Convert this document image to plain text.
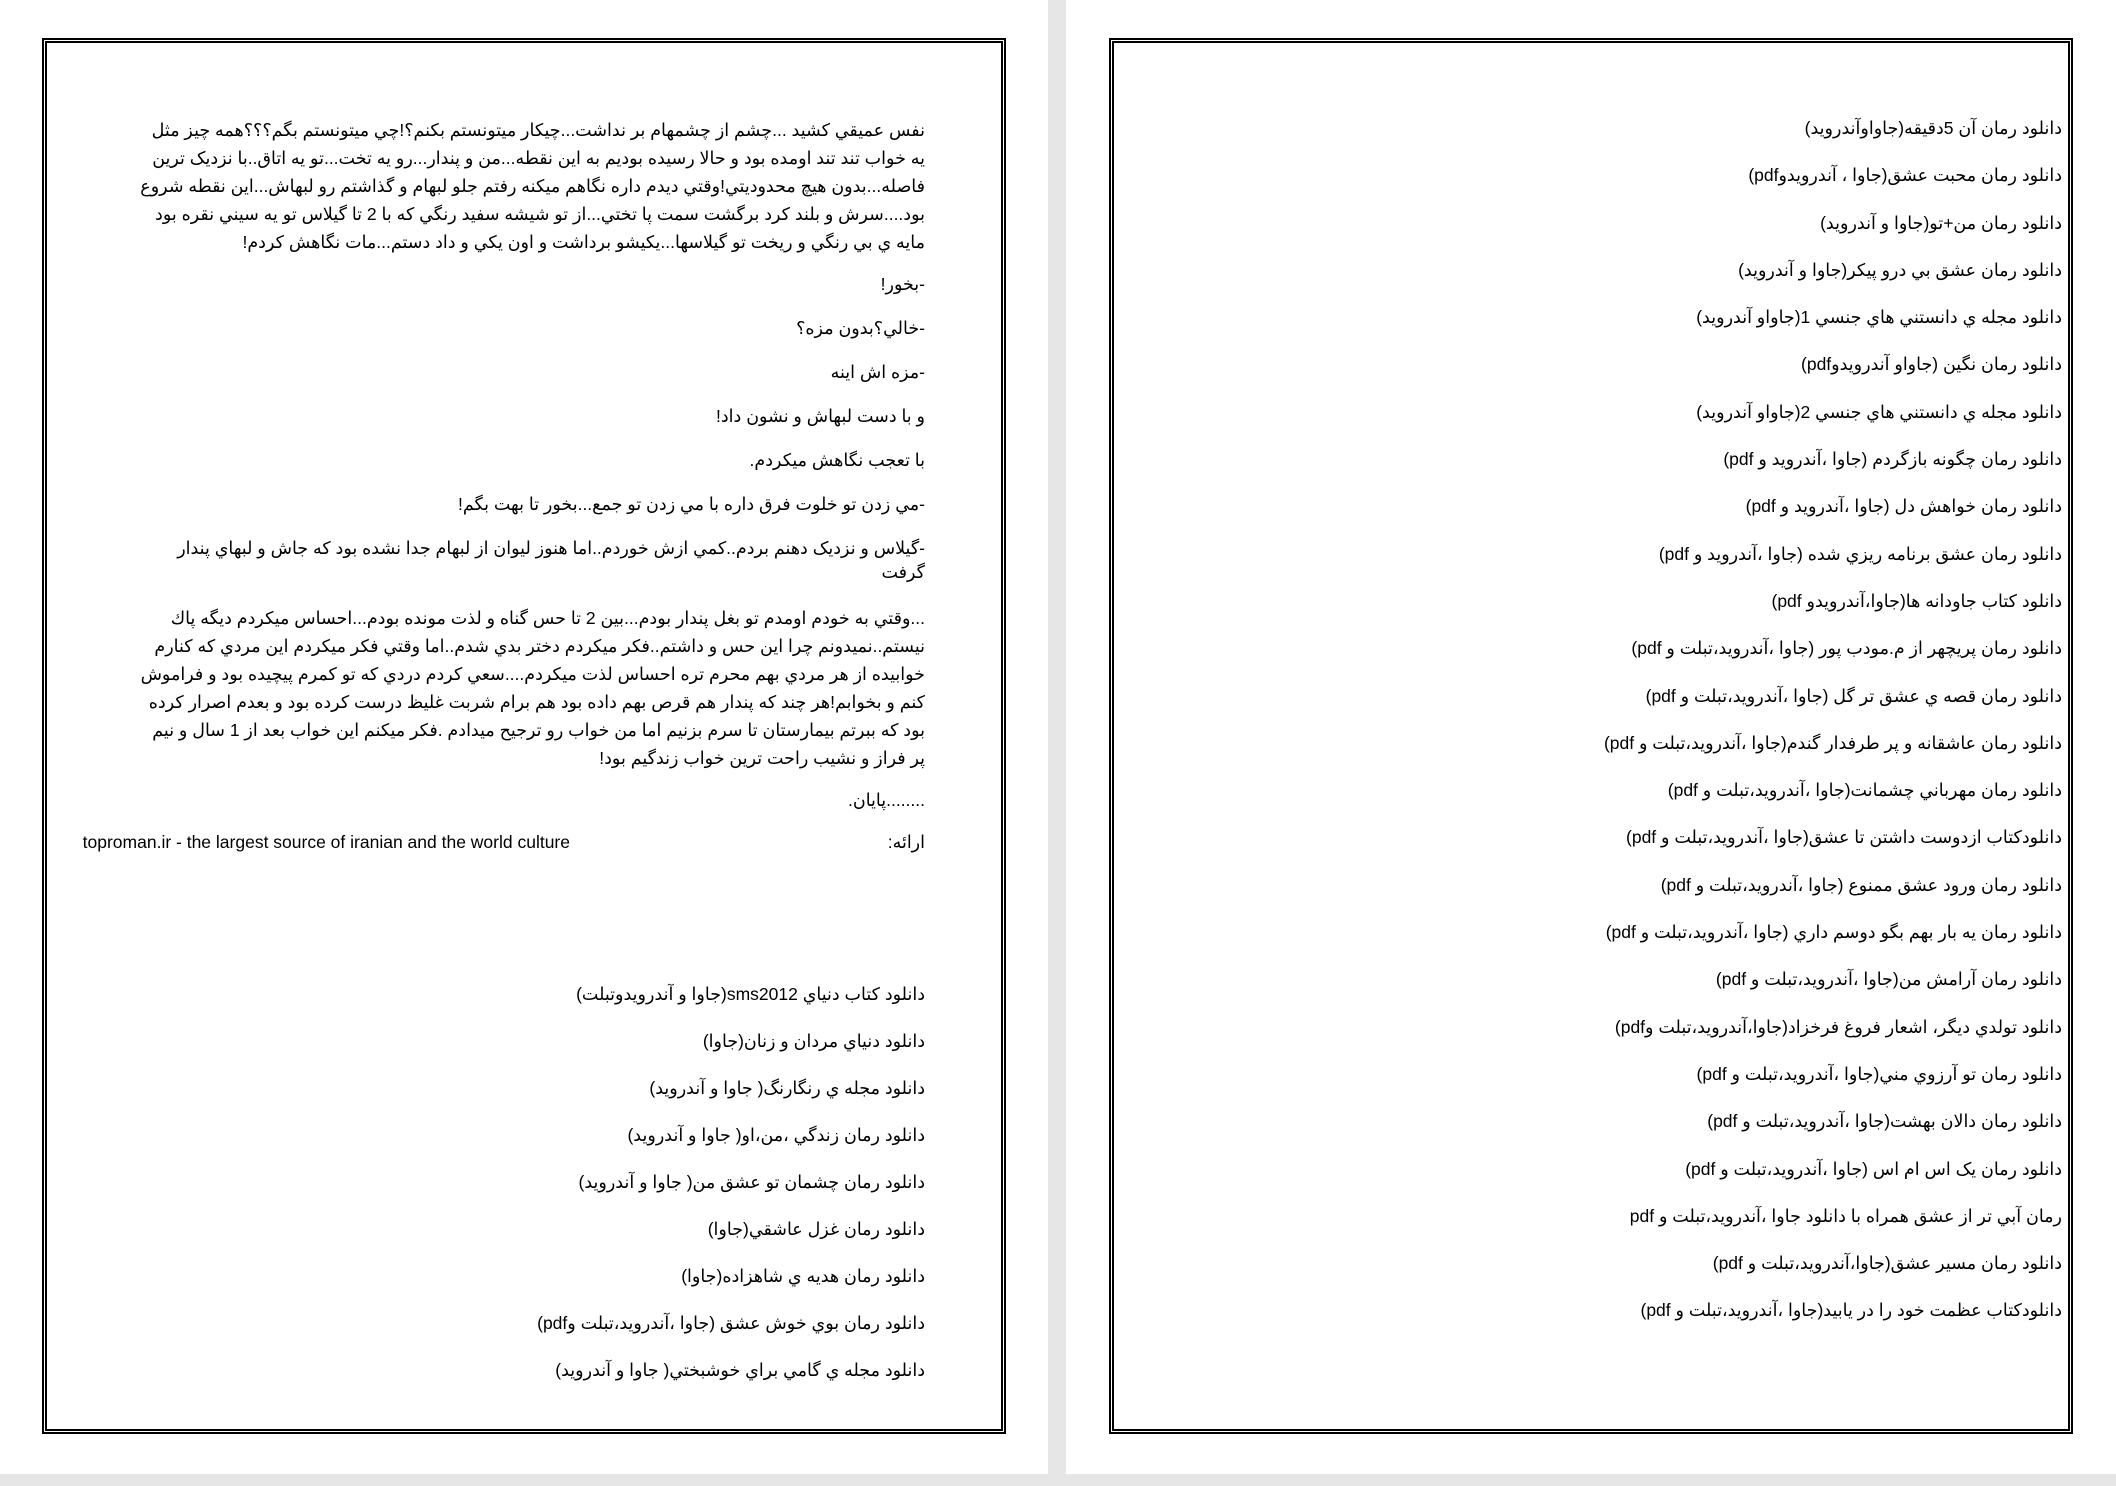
نفس عميقي كشيد ...چشم از چشمهام بر نداشت...چيكار ميتونستم بكنم؟!چي ميتونستم بگم؟؟؟همه چيز مثل يه خواب تند تند اومده بود و حالا رسيده بوديم به اين نقطه...من و پندار...رو يه تخت...تو يه اتاق..با نزديک ترين فاصله...بدون هيچ محدوديتي!وقتي ديدم داره نگاهم ميكنه رفتم جلو لبهام و گذاشتم رو لبهاش...اين نقطه شروع بود....سرش و بلند كرد برگشت سمت پا تختي...از تو شيشه سفيد رنگي كه با 2 تا گيلاس تو يه سيني نقره بود مايه ي بي رنگي و ريخت تو گيلاسها...يكيشو برداشت و اون يكي و داد دستم...مات نگاهش كردم!

-بخور!

-خالي؟بدون مزه؟

-مزه اش اينه

و با دست لبهاش و نشون داد!

با تعجب نگاهش ميكردم.

-مي زدن تو خلوت فرق داره با مي زدن تو جمع...بخور تا بهت بگم!

-گيلاس و نزديک دهنم بردم..كمي ازش خوردم..اما هنوز ليوان از لبهام جدا نشده بود كه جاش و لبهاي پندار گرفت

...وقتي به خودم اومدم تو بغل پندار بودم...بين 2 تا حس گناه و لذت مونده بودم...احساس ميكردم ديگه پاك نيستم..نميدونم چرا اين حس و داشتم..فكر ميكردم دختر بدي شدم..اما وقتي فكر ميكردم اين مردي كه كنارم خوابيده از هر مردي بهم محرم تره احساس لذت ميكردم....سعي كردم دردي كه تو كمرم پيچيده بود و فراموش كنم و بخوابم!هر چند كه پندار هم قرص بهم داده بود هم برام شربت غليظ درست كرده بود و بعدم اصرار كرده بود كه ببرتم بيمارستان تا سرم بزنيم اما من خواب رو ترجيح ميدادم .فكر ميكنم اين خواب بعد از 1 سال و نيم پر فراز و نشيب راحت ترين خواب زندگيم بود!

........پايان.

ارائه:
toproman.ir - the largest source of iranian and the world culture

دانلود كتاب دنياي sms2012(جاوا و آندرويدوتبلت)

دانلود دنياي مردان و زنان(جاوا)

دانلود مجله ي رنگارنگ( جاوا و آندرويد)

دانلود رمان زندگي ،من،او( جاوا و آندرويد)

دانلود رمان چشمان تو عشق من( جاوا و آندرويد)

دانلود رمان غزل عاشقي(جاوا)

دانلود رمان هديه ي شاهزاده(جاوا)

دانلود رمان بوي خوش عشق (جاوا ،آندرويد،تبلت وpdf)

دانلود مجله ي گامي براي خوشبختي( جاوا و آندرويد)

دانلود رمان آن 5دقيقه(جاواوآندرويد)

دانلود رمان محبت عشق(جاوا ، آندرويدوpdf)

دانلود رمان من+تو(جاوا و آندرويد)

دانلود رمان عشق بي درو پيكر(جاوا و آندرويد)

دانلود مجله ي دانستني هاي جنسي 1(جاواو آندرويد)

دانلود رمان نگين (جاواو آندرويدوpdf)

دانلود مجله ي دانستني هاي جنسي 2(جاواو آندرويد)

دانلود رمان چگونه بازگردم (جاوا ،آندرويد و pdf)

دانلود رمان خواهش دل (جاوا ،آندرويد و pdf)

دانلود رمان عشق برنامه ريزي شده (جاوا ،آندرويد و pdf)

دانلود كتاب جاودانه ها(جاوا،آندرويدو pdf)

دانلود رمان پريچهر از م.مودب پور (جاوا ،آندرويد،تبلت و pdf)

دانلود رمان قصه ي عشق تر گل (جاوا ،آندرويد،تبلت و pdf)

دانلود رمان عاشقانه و پر طرفدار گندم(جاوا ،آندرويد،تبلت و pdf)

دانلود رمان مهرباني چشمانت(جاوا ،آندرويد،تبلت و pdf)

دانلودكتاب ازدوست داشتن تا عشق(جاوا ،آندرويد،تبلت و pdf)

دانلود رمان ورود عشق ممنوع (جاوا ،آندرويد،تبلت و pdf)

دانلود رمان يه بار بهم بگو دوسم داري (جاوا ،آندرويد،تبلت و pdf)

دانلود رمان آرامش من(جاوا ،آندرويد،تبلت و pdf)

دانلود تولدي ديگر، اشعار فروغ فرخزاد(جاوا،آندرويد،تبلت وpdf)

دانلود رمان تو آرزوي مني(جاوا ،آندرويد،تبلت و pdf)

دانلود رمان دالان بهشت(جاوا ،آندرويد،تبلت و pdf)

دانلود رمان يک اس ام اس (جاوا ،آندرويد،تبلت و pdf)

رمان آبي تر از عشق همراه با دانلود جاوا ،آندرويد،تبلت و pdf

دانلود رمان مسير عشق(جاوا،آندرويد،تبلت و pdf)

دانلودكتاب عظمت خود را در يابيد(جاوا ،آندرويد،تبلت و pdf)
